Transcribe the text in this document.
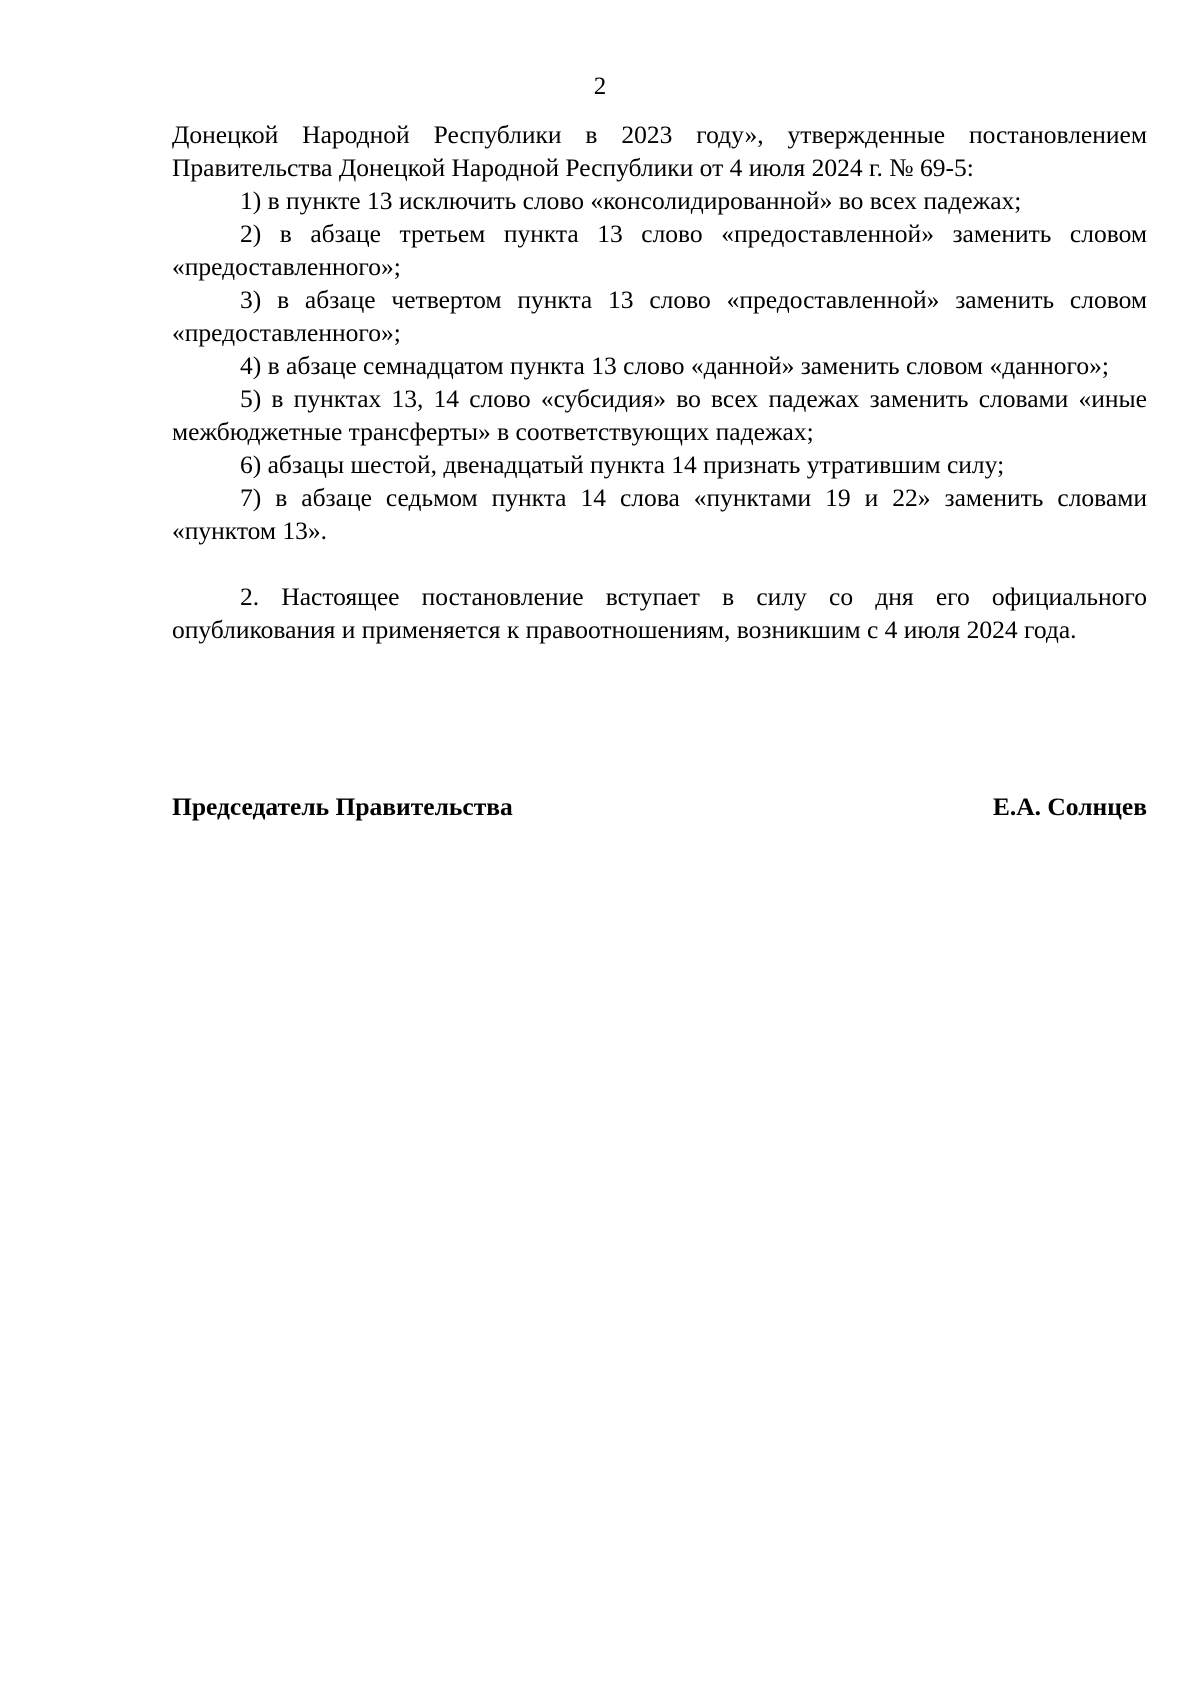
2

Донецкой Народной Республики в 2023 году», утвержденные постановлением Правительства Донецкой Народной Республики от 4 июля 2024 г. № 69-5:

1) в пункте 13 исключить слово «консолидированной» во всех падежах;

2) в абзаце третьем пункта 13 слово «предоставленной» заменить словом «предоставленного»;

3) в абзаце четвертом пункта 13 слово «предоставленной» заменить словом «предоставленного»;

4) в абзаце семнадцатом пункта 13 слово «данной» заменить словом «данного»;

5) в пунктах 13, 14 слово «субсидия» во всех падежах заменить словами «иные межбюджетные трансферты» в соответствующих падежах;

6) абзацы шестой, двенадцатый пункта 14 признать утратившим силу;

7) в абзаце седьмом пункта 14 слова «пунктами 19 и 22» заменить словами «пунктом 13».

2. Настоящее постановление вступает в силу со дня его официального опубликования и применяется к правоотношениям, возникшим с 4 июля 2024 года.

Председатель Правительства	Е.А. Солнцев
